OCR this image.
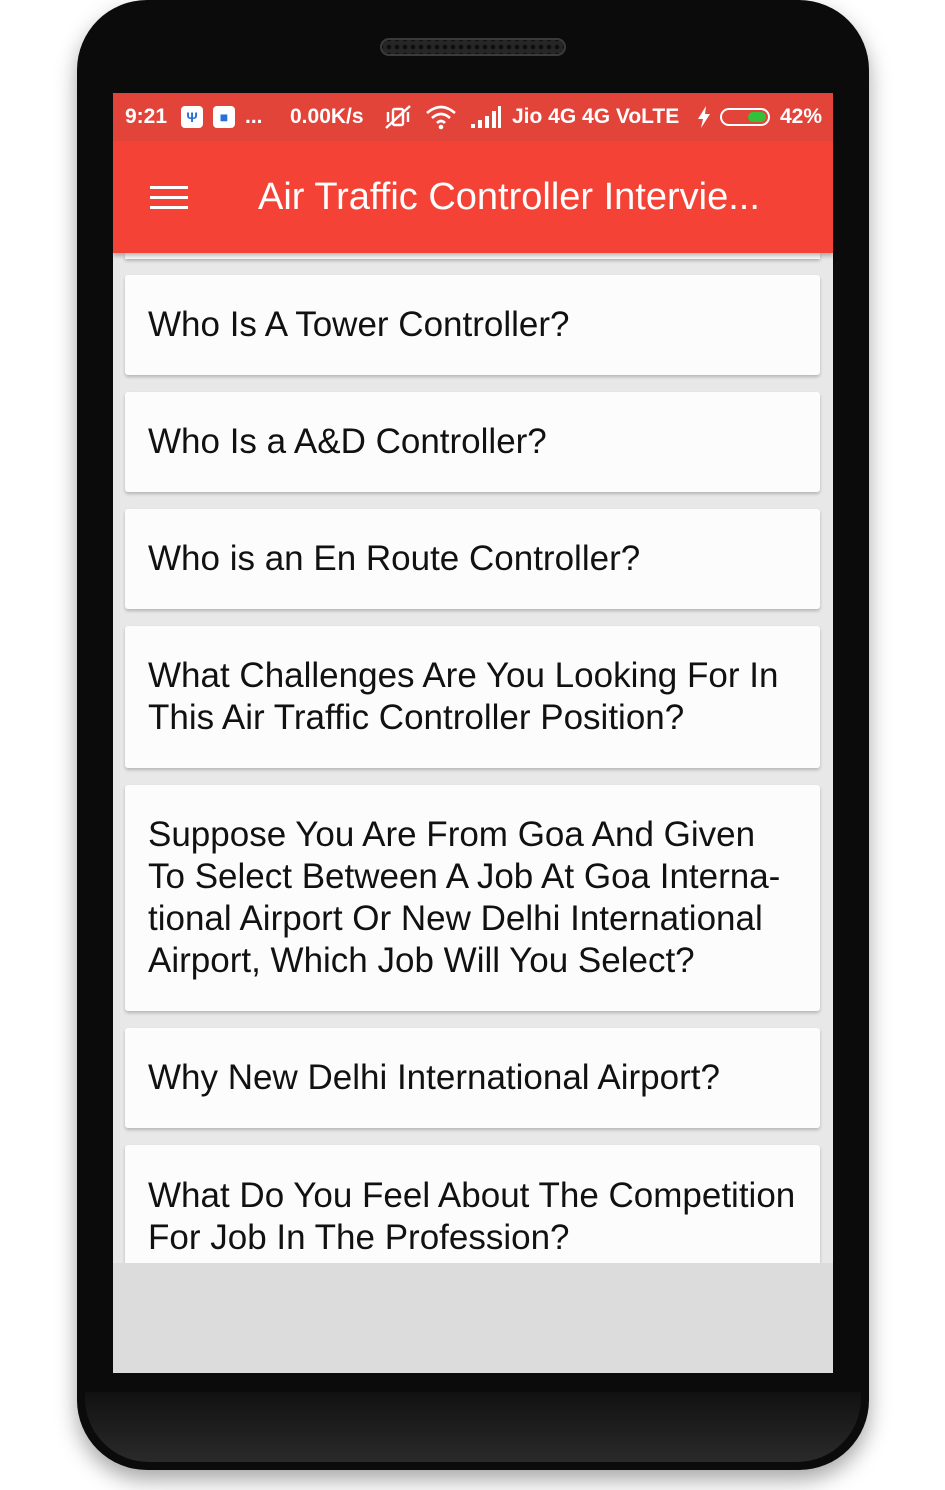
9:21 Ψ ■ ... 0.00K/s	Jio 4G 4G VoLTE	42%
Air Traffic Controller Intervie...
Who Is A Tower Controller?
Who Is a A&D Controller?
Who is an En Route Controller?
What Challenges Are You Looking For In This Air Traffic Controller Position?
Suppose You Are From Goa And Given To Select Between A Job At Goa Interna-tional Airport Or New Delhi International Airport, Which Job Will You Select?
Why New Delhi International Airport?
What Do You Feel About The Competition For Job In The Profession?
